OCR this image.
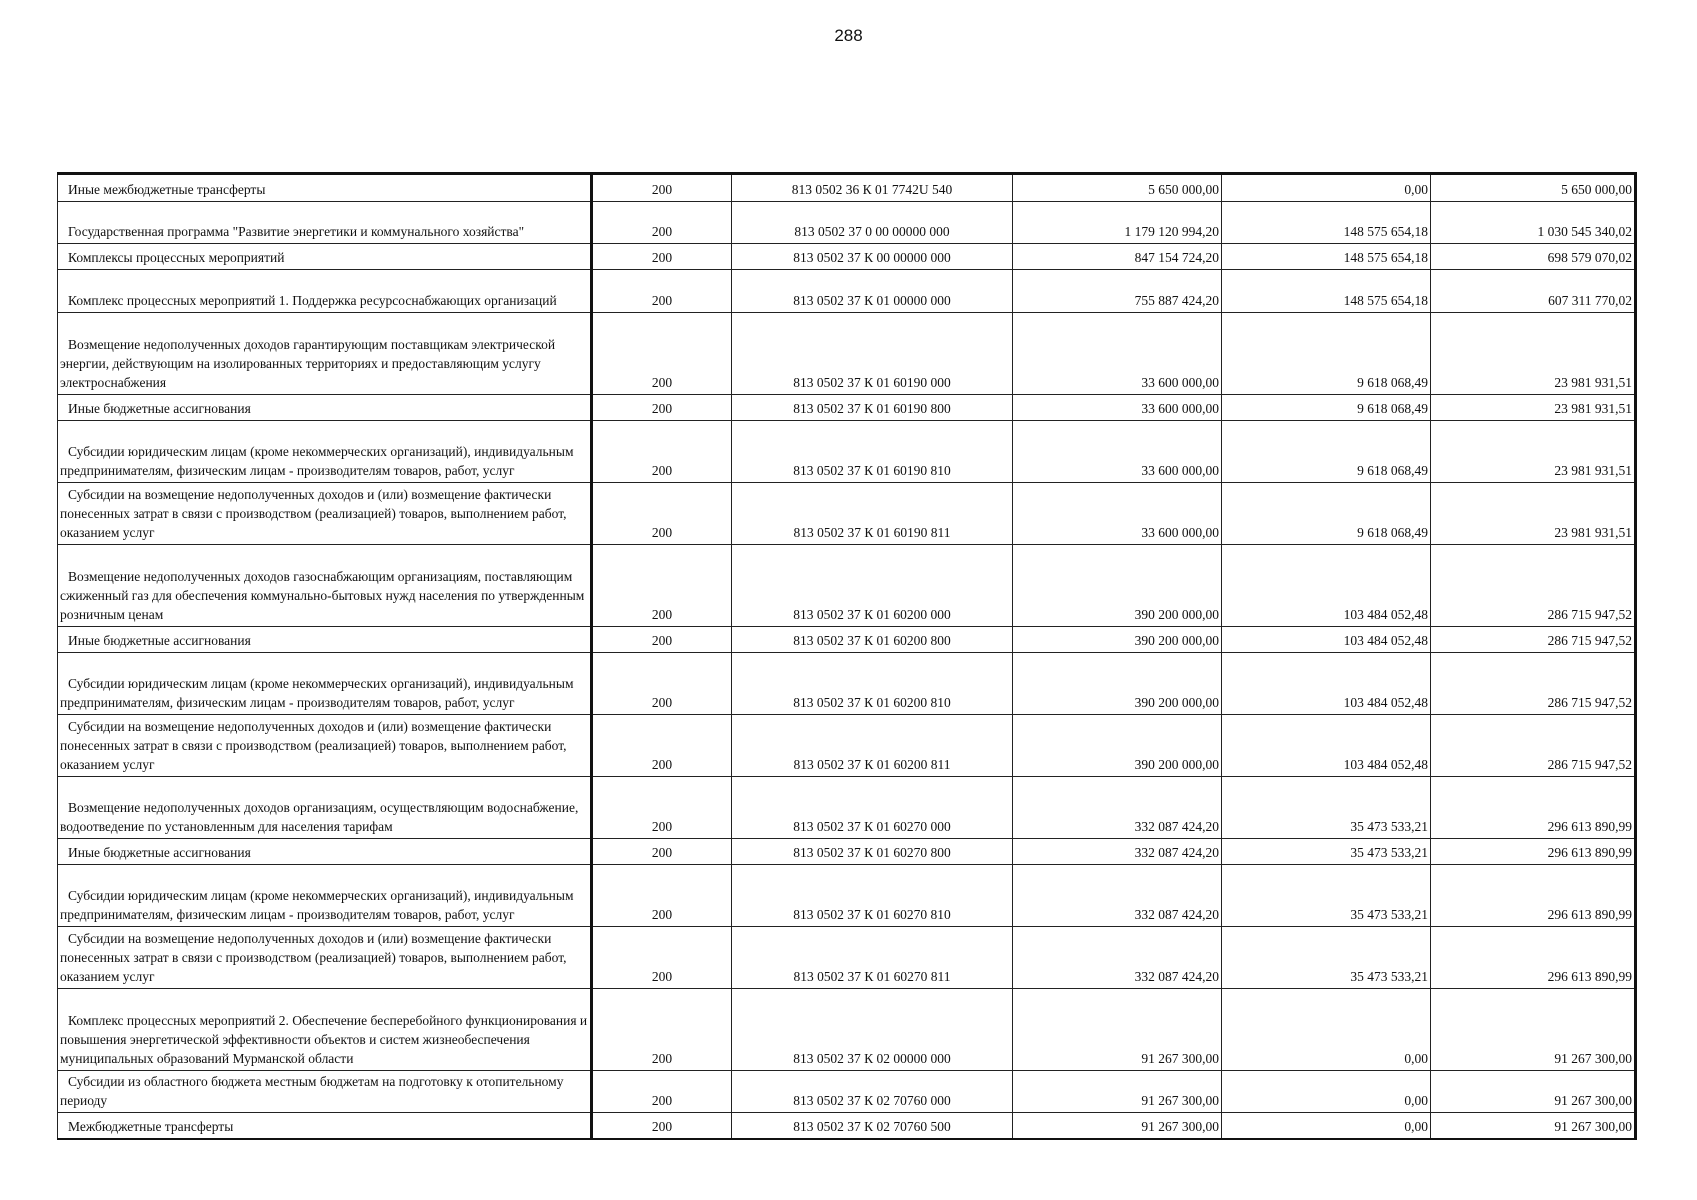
288
Иные межбюджетные трансферты	200	813 0502 36 К 01 7742U 540	5 650 000,00	0,00	5 650 000,00

Государственная программа "Развитие энергетики и коммунального хозяйства"	200	813 0502 37 0 00 00000 000	1 179 120 994,20	148 575 654,18	1 030 545 340,02

Комплексы процессных мероприятий	200	813 0502 37 К 00 00000 000	847 154 724,20	148 575 654,18	698 579 070,02

Комплекс процессных мероприятий 1. Поддержка ресурсоснабжающих организаций	200	813 0502 37 К 01 00000 000	755 887 424,20	148 575 654,18	607 311 770,02

Возмещение недополученных доходов гарантирующим поставщикам электрической энергии, действующим на изолированных территориях и предоставляющим услугу электроснабжения	200	813 0502 37 К 01 60190 000	33 600 000,00	9 618 068,49	23 981 931,51

Иные бюджетные ассигнования	200	813 0502 37 К 01 60190 800	33 600 000,00	9 618 068,49	23 981 931,51

Субсидии юридическим лицам (кроме некоммерческих организаций), индивидуальным предпринимателям, физическим лицам - производителям товаров, работ, услуг	200	813 0502 37 К 01 60190 810	33 600 000,00	9 618 068,49	23 981 931,51

Субсидии на возмещение недополученных доходов и (или) возмещение фактически понесенных затрат в связи с производством (реализацией) товаров, выполнением работ, оказанием услуг	200	813 0502 37 К 01 60190 811	33 600 000,00	9 618 068,49	23 981 931,51

Возмещение недополученных доходов газоснабжающим организациям, поставляющим сжиженный газ для обеспечения коммунально-бытовых нужд населения по утвержденным розничным ценам	200	813 0502 37 К 01 60200 000	390 200 000,00	103 484 052,48	286 715 947,52

Иные бюджетные ассигнования	200	813 0502 37 К 01 60200 800	390 200 000,00	103 484 052,48	286 715 947,52

Субсидии юридическим лицам (кроме некоммерческих организаций), индивидуальным предпринимателям, физическим лицам - производителям товаров, работ, услуг	200	813 0502 37 К 01 60200 810	390 200 000,00	103 484 052,48	286 715 947,52

Субсидии на возмещение недополученных доходов и (или) возмещение фактически понесенных затрат в связи с производством (реализацией) товаров, выполнением работ, оказанием услуг	200	813 0502 37 К 01 60200 811	390 200 000,00	103 484 052,48	286 715 947,52

Возмещение недополученных доходов организациям, осуществляющим водоснабжение, водоотведение по установленным для населения тарифам	200	813 0502 37 К 01 60270 000	332 087 424,20	35 473 533,21	296 613 890,99

Иные бюджетные ассигнования	200	813 0502 37 К 01 60270 800	332 087 424,20	35 473 533,21	296 613 890,99

Субсидии юридическим лицам (кроме некоммерческих организаций), индивидуальным предпринимателям, физическим лицам - производителям товаров, работ, услуг	200	813 0502 37 К 01 60270 810	332 087 424,20	35 473 533,21	296 613 890,99

Субсидии на возмещение недополученных доходов и (или) возмещение фактически понесенных затрат в связи с производством (реализацией) товаров, выполнением работ, оказанием услуг	200	813 0502 37 К 01 60270 811	332 087 424,20	35 473 533,21	296 613 890,99

Комплекс процессных мероприятий 2. Обеспечение бесперебойного функционирования и повышения энергетической эффективности объектов и систем жизнеобеспечения муниципальных образований Мурманской области	200	813 0502 37 К 02 00000 000	91 267 300,00	0,00	91 267 300,00

Субсидии из областного бюджета местным бюджетам на подготовку к отопительному периоду	200	813 0502 37 К 02 70760 000	91 267 300,00	0,00	91 267 300,00

Межбюджетные трансферты	200	813 0502 37 К 02 70760 500	91 267 300,00	0,00	91 267 300,00
